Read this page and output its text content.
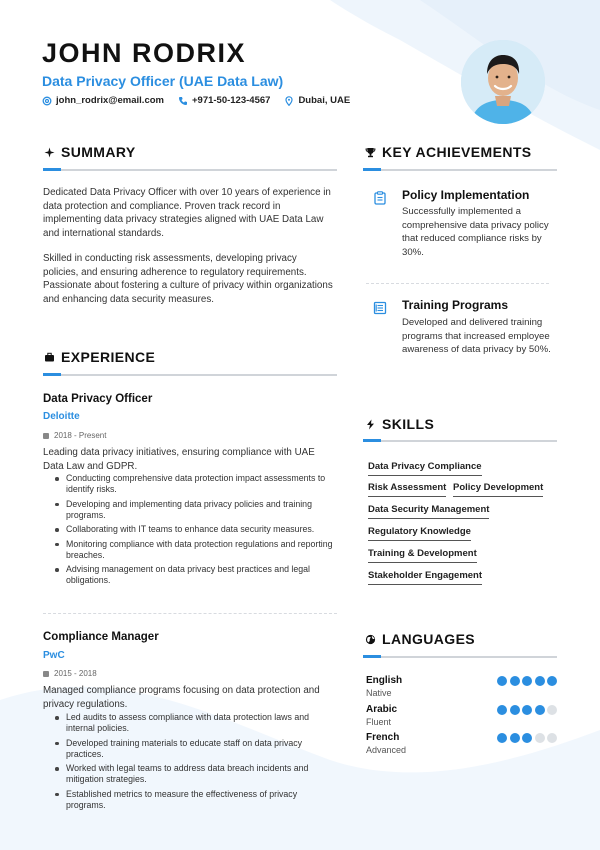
JOHN RODRIX
Data Privacy Officer (UAE Data Law)
john_rodrix@email.com	+971-50-123-4567	Dubai, UAE
SUMMARY
Dedicated Data Privacy Officer with over 10 years of experience in data protection and compliance. Proven track record in implementing data privacy strategies aligned with UAE Data Law and international standards.
Skilled in conducting risk assessments, developing privacy policies, and ensuring adherence to regulatory requirements. Passionate about fostering a culture of privacy within organizations and enhancing data security measures.
EXPERIENCE
Data Privacy Officer
Deloitte
2018 - Present
Leading data privacy initiatives, ensuring compliance with UAE Data Law and GDPR.
Conducting comprehensive data protection impact assessments to identify risks.
Developing and implementing data privacy policies and training programs.
Collaborating with IT teams to enhance data security measures.
Monitoring compliance with data protection regulations and reporting breaches.
Advising management on data privacy best practices and legal obligations.
Compliance Manager
PwC
2015 - 2018
Managed compliance programs focusing on data protection and privacy regulations.
Led audits to assess compliance with data protection laws and internal policies.
Developed training materials to educate staff on data privacy practices.
Worked with legal teams to address data breach incidents and mitigation strategies.
Established metrics to measure the effectiveness of privacy programs.
KEY ACHIEVEMENTS
Policy Implementation
Successfully implemented a comprehensive data privacy policy that reduced compliance risks by 30%.
Training Programs
Developed and delivered training programs that increased employee awareness of data privacy by 50%.
SKILLS
Data Privacy Compliance
Risk Assessment Policy Development
Data Security Management
Regulatory Knowledge
Training & Development
Stakeholder Engagement
LANGUAGES
English
Native
Arabic
Fluent
French
Advanced
